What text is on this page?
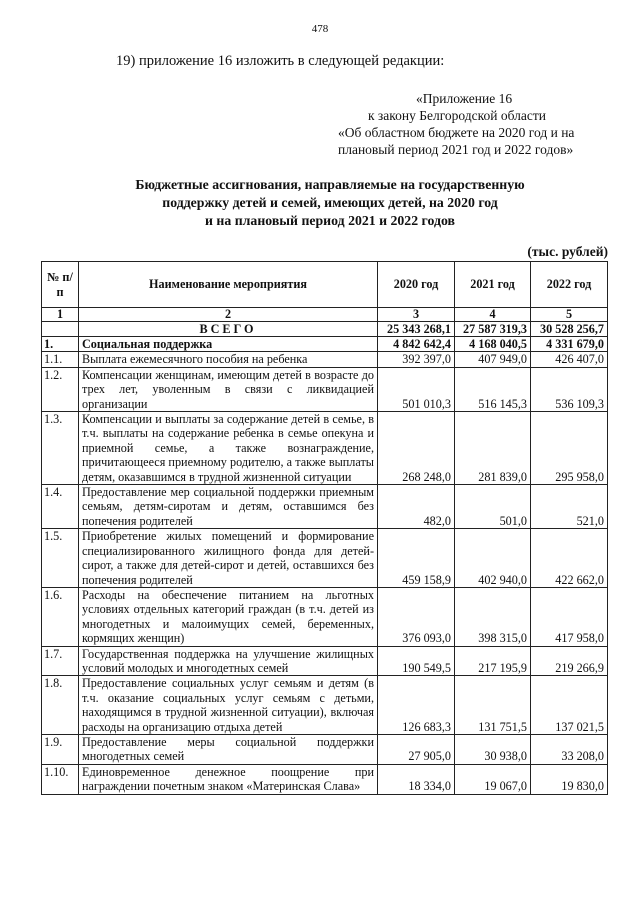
478
19) приложение 16 изложить в следующей редакции:
«Приложение 16
к закону Белгородской области
«Об областном бюджете на 2020 год и на
плановый период 2021 год и 2022 годов»
Бюджетные ассигнования, направляемые на государственную
поддержку детей и семей, имеющих детей, на 2020 год
и на плановый период 2021 и 2022 годов
(тыс. рублей)
№ п/п	Наименование мероприятия	2020 год	2021 год	2022 год
1	2	3	4	5
	ВСЕГО	25 343 268,1	27 587 319,3	30 528 256,7
1.	Социальная поддержка	4 842 642,4	4 168 040,5	4 331 679,0
1.1.	Выплата ежемесячного пособия на ребенка	392 397,0	407 949,0	426 407,0
1.2.	Компенсации женщинам, имеющим детей в возрасте до трех лет, уволенным в связи с ликвидацией организации	501 010,3	516 145,3	536 109,3
1.3.	Компенсации и выплаты за содержание детей в семье, в т.ч. выплаты на содержание ребенка в семье опекуна и приемной семье, а также вознаграждение, причитающееся приемному родителю, а также выплаты детям, оказавшимся в трудной жизненной ситуации	268 248,0	281 839,0	295 958,0
1.4.	Предоставление мер социальной поддержки приемным семьям, детям-сиротам и детям, оставшимся без попечения родителей	482,0	501,0	521,0
1.5.	Приобретение жилых помещений и формирование специализированного жилищного фонда для детей-сирот, а также для детей-сирот и детей, оставшихся без попечения родителей	459 158,9	402 940,0	422 662,0
1.6.	Расходы на обеспечение питанием на льготных условиях отдельных категорий граждан (в т.ч. детей из многодетных и малоимущих семей, беременных, кормящих женщин)	376 093,0	398 315,0	417 958,0
1.7.	Государственная поддержка на улучшение жилищных условий молодых и многодетных семей	190 549,5	217 195,9	219 266,9
1.8.	Предоставление социальных услуг семьям и детям (в т.ч. оказание социальных услуг семьям с детьми, находящимся в трудной жизненной ситуации), включая расходы на организацию отдыха детей	126 683,3	131 751,5	137 021,5
1.9.	Предоставление меры социальной поддержки многодетных семей	27 905,0	30 938,0	33 208,0
1.10.	Единовременное денежное поощрение при награждении почетным знаком «Материнская Слава»	18 334,0	19 067,0	19 830,0
